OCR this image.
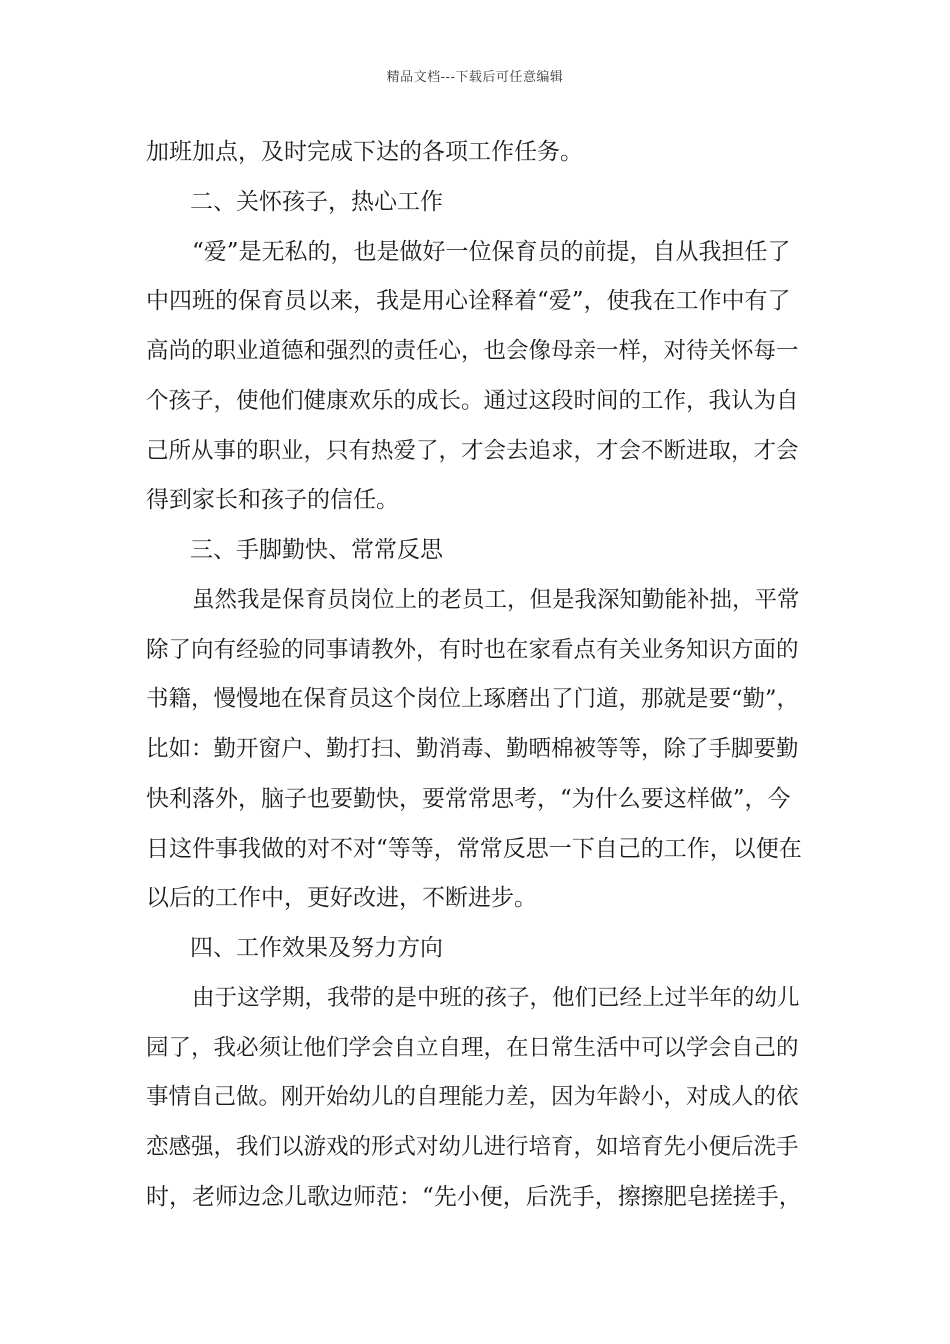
精品文档---下载后可任意编辑
加班加点，及时完成下达的各项工作任务。
二、关怀孩子，热心工作
“爱”是无私的，也是做好一位保育员的前提，自从我担任了
中四班的保育员以来，我是用心诠释着“爱”，使我在工作中有了
高尚的职业道德和强烈的责任心，也会像母亲一样，对待关怀每一
个孩子，使他们健康欢乐的成长。通过这段时间的工作，我认为自
己所从事的职业，只有热爱了，才会去追求，才会不断进取，才会
得到家长和孩子的信任。
三、手脚勤快、常常反思
虽然我是保育员岗位上的老员工，但是我深知勤能补拙，平常
除了向有经验的同事请教外，有时也在家看点有关业务知识方面的
书籍，慢慢地在保育员这个岗位上琢磨出了门道，那就是要“勤”，
比如：勤开窗户、勤打扫、勤消毒、勤晒棉被等等，除了手脚要勤
快利落外，脑子也要勤快，要常常思考，“为什么要这样做”，今
日这件事我做的对不对“等等，常常反思一下自己的工作，以便在
以后的工作中，更好改进，不断进步。
四、工作效果及努力方向
由于这学期，我带的是中班的孩子，他们已经上过半年的幼儿
园了，我必须让他们学会自立自理，在日常生活中可以学会自己的
事情自己做。刚开始幼儿的自理能力差，因为年龄小，对成人的依
恋感强，我们以游戏的形式对幼儿进行培育，如培育先小便后洗手
时，老师边念儿歌边师范：“先小便，后洗手，擦擦肥皂搓搓手，
